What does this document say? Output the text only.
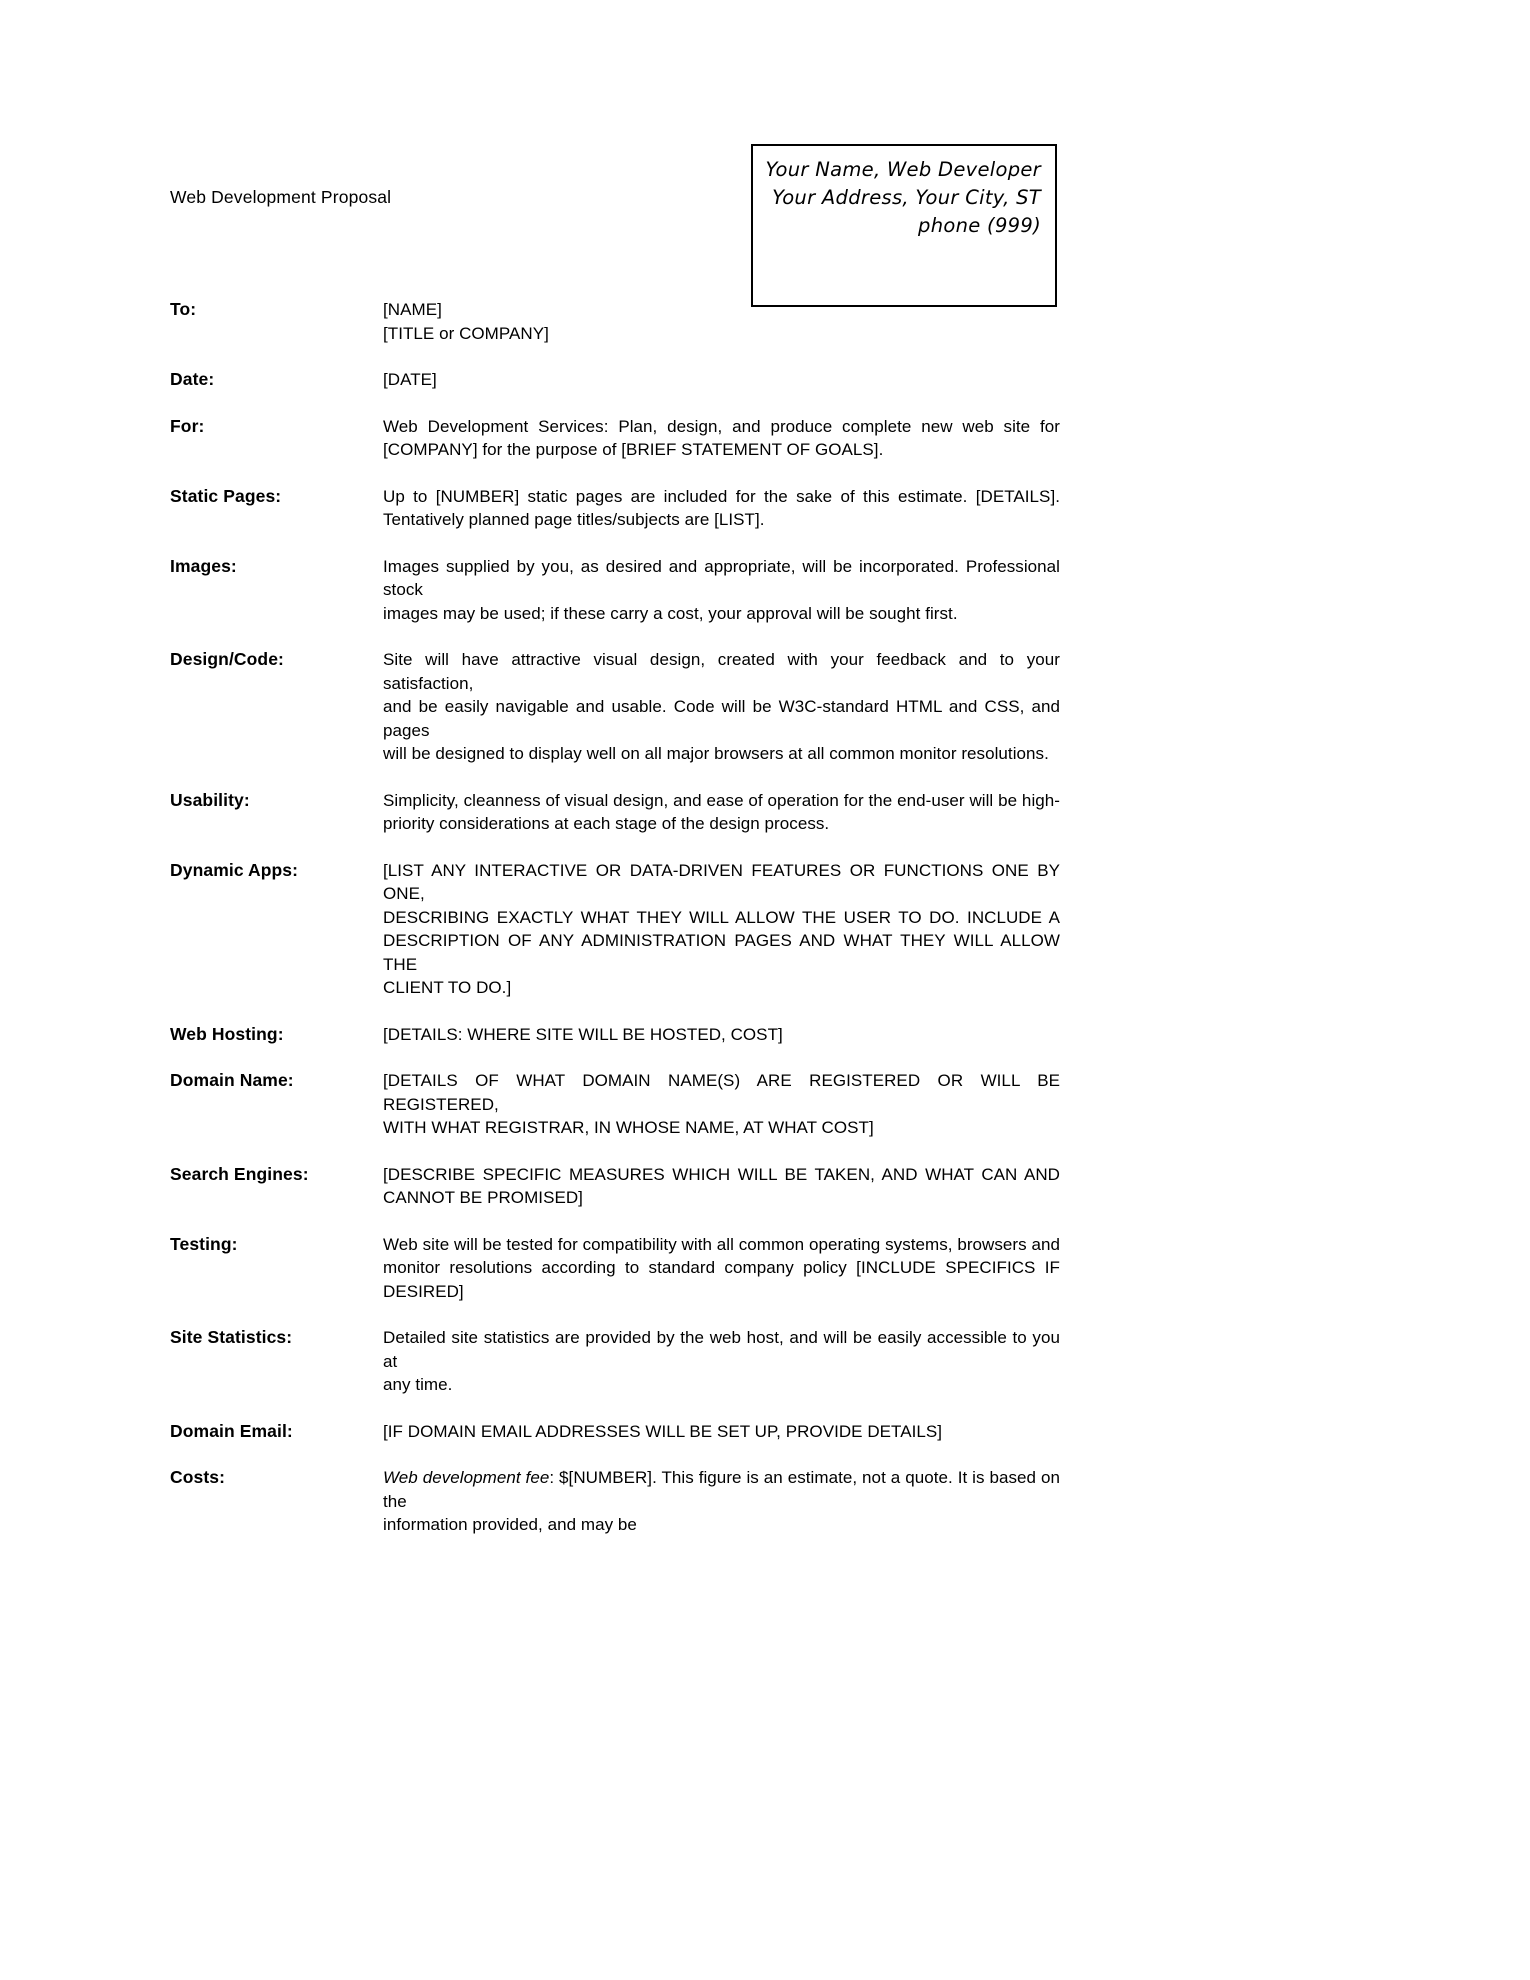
Your Name, Web Developer
Your Address, Your City, ST
phone (999)
Web Development Proposal
To:	[NAME]
[TITLE or COMPANY]
Date:	[DATE]
For:	Web Development Services: Plan, design, and produce complete new web site for
[COMPANY] for the purpose of [BRIEF STATEMENT OF GOALS].
Static Pages:	Up to [NUMBER] static pages are included for the sake of this estimate. [DETAILS].
Tentatively planned page titles/subjects are [LIST].
Images:	Images supplied by you, as desired and appropriate, will be incorporated. Professional stock
images may be used; if these carry a cost, your approval will be sought first.
Design/Code:	Site will have attractive visual design, created with your feedback and to your satisfaction,
and be easily navigable and usable. Code will be W3C-standard HTML and CSS, and pages
will be designed to display well on all major browsers at all common monitor resolutions.
Usability:	Simplicity, cleanness of visual design, and ease of operation for the end-user will be high-
priority considerations at each stage of the design process.
Dynamic Apps:	[LIST ANY INTERACTIVE OR DATA-DRIVEN FEATURES OR FUNCTIONS ONE BY ONE,
DESCRIBING EXACTLY WHAT THEY WILL ALLOW THE USER TO DO. INCLUDE A
DESCRIPTION OF ANY ADMINISTRATION PAGES AND WHAT THEY WILL ALLOW THE
CLIENT TO DO.]
Web Hosting:	[DETAILS: WHERE SITE WILL BE HOSTED, COST]
Domain Name:	[DETAILS OF WHAT DOMAIN NAME(S) ARE REGISTERED OR WILL BE REGISTERED,
WITH WHAT REGISTRAR, IN WHOSE NAME, AT WHAT COST]
Search Engines:	[DESCRIBE SPECIFIC MEASURES WHICH WILL BE TAKEN, AND WHAT CAN AND
CANNOT BE PROMISED]
Testing:	Web site will be tested for compatibility with all common operating systems, browsers and
monitor resolutions according to standard company policy [INCLUDE SPECIFICS IF
DESIRED]
Site Statistics:	Detailed site statistics are provided by the web host, and will be easily accessible to you at
any time.
Domain Email:	[IF DOMAIN EMAIL ADDRESSES WILL BE SET UP, PROVIDE DETAILS]
Costs:	Web development fee: $[NUMBER]. This figure is an estimate, not a quote. It is based on the
information provided, and may be
